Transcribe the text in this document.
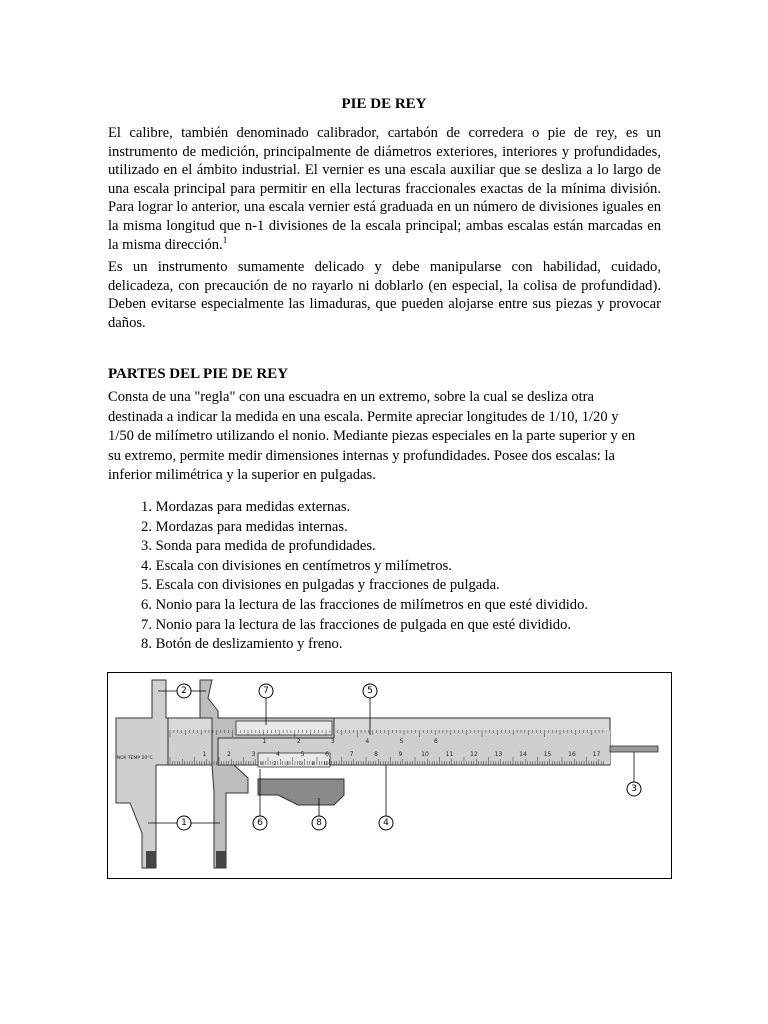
PIE DE REY

El calibre, también denominado calibrador, cartabón de corredera o pie de rey, es un instrumento de medición, principalmente de diámetros exteriores, interiores y profundidades, utilizado en el ámbito industrial. El vernier es una escala auxiliar que se desliza a lo largo de una escala principal para permitir en ella lecturas fraccionales exactas de la mínima división. Para lograr lo anterior, una escala vernier está graduada en un número de divisiones iguales en la misma longitud que n-1 divisiones de la escala principal; ambas escalas están marcadas en la misma dirección.$^1$

Es un instrumento sumamente delicado y debe manipularse con habilidad, cuidado, delicadeza, con precaución de no rayarlo ni doblarlo (en especial, la colisa de profundidad). Deben evitarse especialmente las limaduras, que pueden alojarse entre sus piezas y provocar daños.

PARTES DEL PIE DE REY

Consta de una "regla" con una escuadra en un extremo, sobre la cual se desliza otra
destinada a indicar la medida en una escala. Permite apreciar longitudes de 1/10, 1/20 y
1/50 de milímetro utilizando el nonio. Mediante piezas especiales en la parte superior y en
su extremo, permite medir dimensiones internas y profundidades. Posee dos escalas: la
inferior milimétrica y la superior en pulgadas.

1. Mordazas para medidas externas.
2. Mordazas para medidas internas.
3. Sonda para medida de profundidades.
4. Escala con divisiones en centímetros y milímetros.
5. Escala con divisiones en pulgadas y fracciones de pulgada.
6. Nonio para la lectura de las fracciones de milímetros en que esté dividido.
7. Nonio para la lectura de las fracciones de pulgada en que esté dividido.
8. Botón de deslizamiento y freno.
INOX TEMP 20°C
1	2	3	4	5	6	7	8	9	10	11	12	13	14	15	16	17
1	2	3	4	5	6
0	2	4	6	8 10
1
2
3
4
5
6
7
8
